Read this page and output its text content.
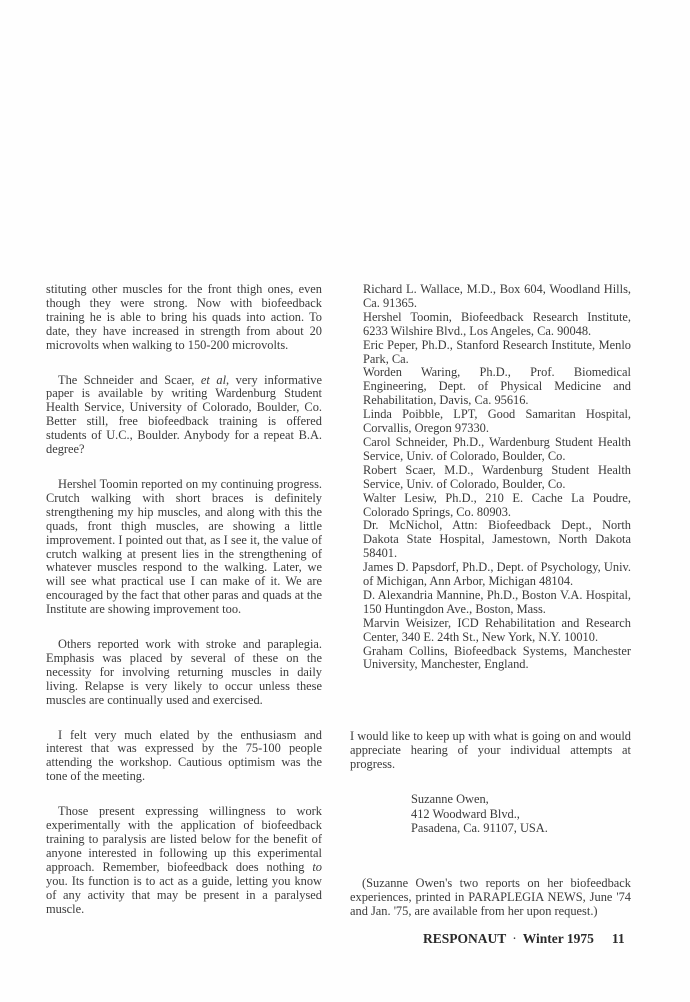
stituting other muscles for the front thigh ones, even though they were strong. Now with biofeedback training he is able to bring his quads into action. To date, they have increased in strength from about 20 microvolts when walking to 150-200 microvolts.

The Schneider and Scaer, et al, very informative paper is available by writing Wardenburg Student Health Service, University of Colorado, Boulder, Co. Better still, free biofeedback training is offered students of U.C., Boulder. Anybody for a repeat B.A. degree?

Hershel Toomin reported on my continuing progress. Crutch walking with short braces is definitely strengthening my hip muscles, and along with this the quads, front thigh muscles, are showing a little improvement. I pointed out that, as I see it, the value of crutch walking at present lies in the strengthening of whatever muscles respond to the walking. Later, we will see what practical use I can make of it. We are encouraged by the fact that other paras and quads at the Institute are showing improvement too.

Others reported work with stroke and paraplegia. Emphasis was placed by several of these on the necessity for involving returning muscles in daily living. Relapse is very likely to occur unless these muscles are continually used and exercised.

I felt very much elated by the enthusiasm and interest that was expressed by the 75-100 people attending the workshop. Cautious optimism was the tone of the meeting.

Those present expressing willingness to work experimentally with the application of biofeedback training to paralysis are listed below for the benefit of anyone interested in following up this experimental approach. Remember, biofeedback does nothing to you. Its function is to act as a guide, letting you know of any activity that may be present in a paralysed muscle.

Richard L. Wallace, M.D., Box 604, Woodland Hills, Ca. 91365.

Hershel Toomin, Biofeedback Research Institute, 6233 Wilshire Blvd., Los Angeles, Ca. 90048.

Eric Peper, Ph.D., Stanford Research Institute, Menlo Park, Ca.

Worden Waring, Ph.D., Prof. Biomedical Engineering, Dept. of Physical Medicine and Rehabilitation, Davis, Ca. 95616.

Linda Poibble, LPT, Good Samaritan Hospital, Corvallis, Oregon 97330.

Carol Schneider, Ph.D., Wardenburg Student Health Service, Univ. of Colorado, Boulder, Co.

Robert Scaer, M.D., Wardenburg Student Health Service, Univ. of Colorado, Boulder, Co.

Walter Lesiw, Ph.D., 210 E. Cache La Poudre, Colorado Springs, Co. 80903.

Dr. McNichol, Attn: Biofeedback Dept., North Dakota State Hospital, Jamestown, North Dakota 58401.

James D. Papsdorf, Ph.D., Dept. of Psychology, Univ. of Michigan, Ann Arbor, Michigan 48104.

D. Alexandria Mannine, Ph.D., Boston V.A. Hospital, 150 Huntingdon Ave., Boston, Mass.

Marvin Weisizer, ICD Rehabilitation and Research Center, 340 E. 24th St., New York, N.Y. 10010.

Graham Collins, Biofeedback Systems, Manchester University, Manchester, England.

I would like to keep up with what is going on and would appreciate hearing of your individual attempts at progress.

Suzanne Owen,
412 Woodward Blvd.,
Pasadena, Ca. 91107, USA.

(Suzanne Owen's two reports on her biofeedback experiences, printed in PARAPLEGIA NEWS, June '74 and Jan. '75, are available from her upon request.)

RESPONAUT · Winter 1975 11
